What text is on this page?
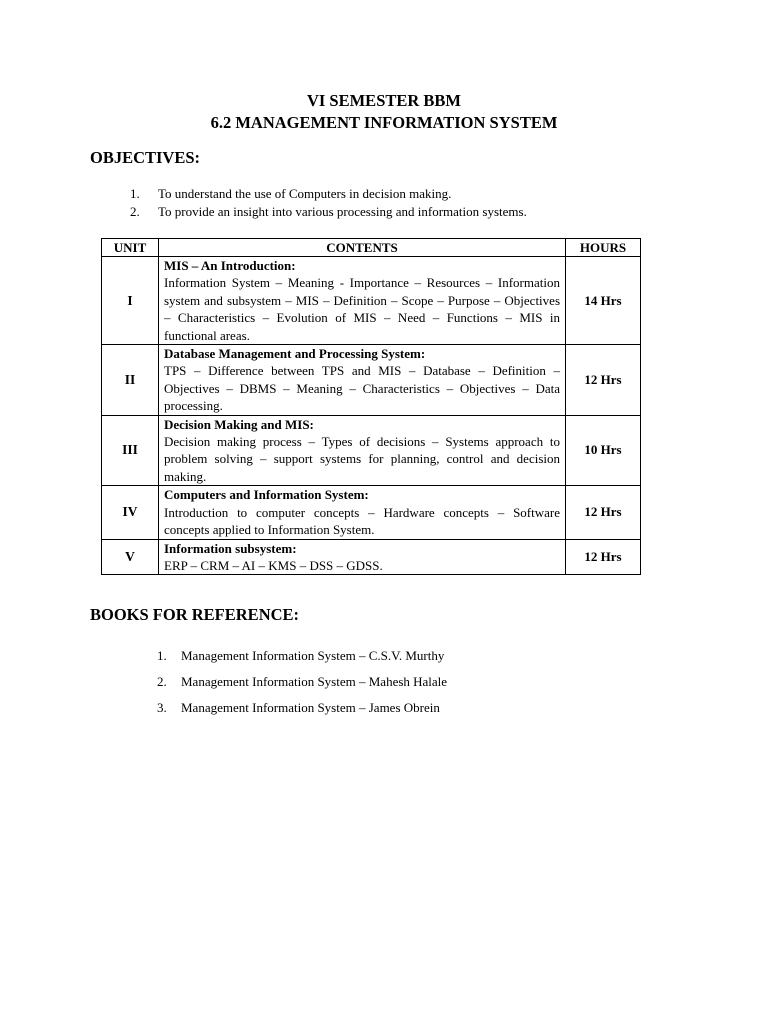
VI SEMESTER BBM
6.2 MANAGEMENT INFORMATION SYSTEM
OBJECTIVES:
1.	To understand the use of Computers in decision making.
2.	To provide an insight into various processing and information systems.
UNIT	CONTENTS	HOURS
I	MIS – An Introduction:
Information System – Meaning - Importance – Resources – Information system and subsystem – MIS – Definition – Scope – Purpose – Objectives – Characteristics – Evolution of MIS – Need – Functions – MIS in functional areas.	14 Hrs
II	Database Management and Processing System:
TPS – Difference between TPS and MIS – Database – Definition – Objectives – DBMS – Meaning – Characteristics – Objectives – Data processing.	12 Hrs
III	Decision Making and MIS:
Decision making process – Types of decisions – Systems approach to problem solving – support systems for planning, control and decision making.	10 Hrs
IV	Computers and Information System:
Introduction to computer concepts – Hardware concepts – Software concepts applied to Information System.	12 Hrs
V	Information subsystem:
ERP – CRM – AI – KMS – DSS – GDSS.	12 Hrs
BOOKS FOR REFERENCE:
1.	Management Information System – C.S.V. Murthy
2.	Management Information System – Mahesh Halale
3.	Management Information System – James Obrein
